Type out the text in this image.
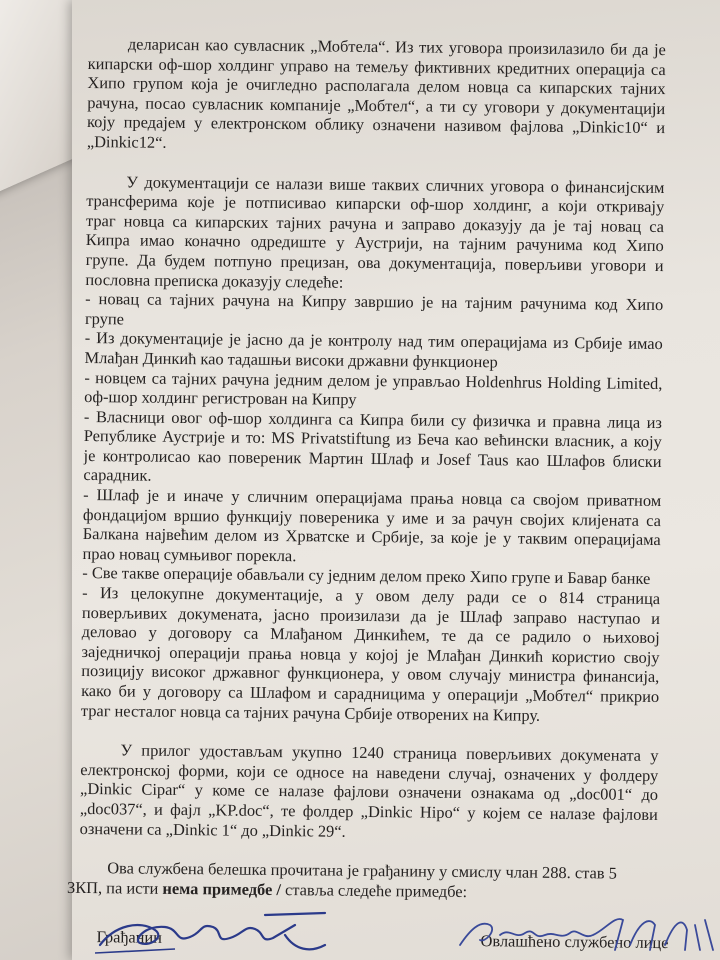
деларисан као сувласник „Мобтела“. Из тих уговора произилазило би да је
кипарски оф-шор холдинг управо на темељу фиктивних кредитних операција са
Хипо групом која је очигледно располагала делом новца са кипарских тајних
рачуна, посао сувласник компаније „Мобтел“, а ти су уговори у документацији
коју предајем у електронском облику означени називом фајлова „Dinkic10“ и
„Dinkic12“.
У документацији се налази више таквих сличних уговора о финансијским
трансферима које је потписивао кипарски оф-шор холдинг, а који откривају
траг новца са кипарских тајних рачуна и заправо доказују да је тај новац са
Кипра имао коначно одредиште у Аустрији, на тајним рачунима код Хипо
групе. Да будем потпуно прецизан, ова документација, поверљиви уговори и
пословна преписка доказују следеће:
- новац са тајних рачуна на Кипру завршио је на тајним рачунима код Хипо
групе
- Из документације је јасно да је контролу над тим операцијама из Србије имао
Млађан Динкић као тадашњи високи државни функционер
- новцем са тајних рачуна једним делом је управљао Holdenhrus Holding Limited,
оф-шор холдинг регистрован на Кипру
- Власници овог оф-шор холдинга са Кипра били су физичка и правна лица из
Републике Аустрије и то: MS Privatstiftung из Беча као већински власник, а коју
је контролисао као повереник Мартин Шлаф и Josef Taus као Шлафов блиски
сарадник.
- Шлаф је и иначе у сличним операцијама прања новца са својом приватном
фондацијом вршио функцију повереника у име и за рачун својих клијената са
Балкана највећим делом из Хрватске и Србије, за које је у таквим операцијама
прао новац сумњивог порекла.
- Све такве операције обављали су једним делом преко Хипо групе и Бавар банке
- Из целокупне документације, а у овом делу ради се о 814 страница
поверљивих докумената, јасно произилази да је Шлаф заправо наступао и
деловао у договору са Млађаном Динкићем, те да се радило о њиховој
заједничкој операцији прања новца у којој је Млађан Динкић користио своју
позицију високог државног функционера, у овом случају министра финансија,
како би у договору са Шлафом и сарадницима у операцији „Мобтел“ прикрио
траг несталог новца са тајних рачуна Србије отворених на Кипру.
У прилог удостављам укупно 1240 страница поверљивих докумената у
електронској форми, који се односе на наведени случај, означених у фолдеру
„Dinkic Cipar“ у коме се налазе фајлови означени ознакама од „doc001“ до
„doc037“, и фајл „KP.doc“, те фолдер „Dinkic Hipo“ у којем се налазе фајлови
означени са „Dinkic 1“ до „Dinkic 29“.
Ова службена белешка прочитана је грађанину у смислу члан 288. став 5
ЗКП, па исти нема примедбе / ставља следеће примедбе:
Грађанин	Овлашћено службено лице
